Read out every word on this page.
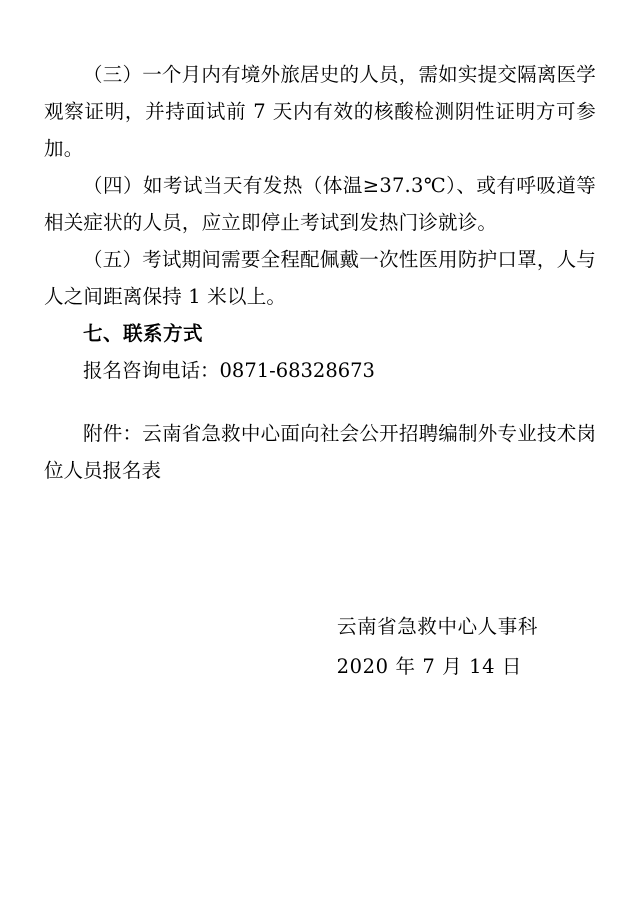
（三）一个月内有境外旅居史的人员，需如实提交隔离医学观察证明，并持面试前 7 天内有效的核酸检测阴性证明方可参加。

（四）如考试当天有发热（体温≥37.3℃）、或有呼吸道等相关症状的人员，应立即停止考试到发热门诊就诊。

（五）考试期间需要全程配佩戴一次性医用防护口罩，人与人之间距离保持 1 米以上。

七、联系方式

报名咨询电话：0871-68328673

附件：云南省急救中心面向社会公开招聘编制外专业技术岗位人员报名表

云南省急救中心人事科
2020 年 7 月 14 日
